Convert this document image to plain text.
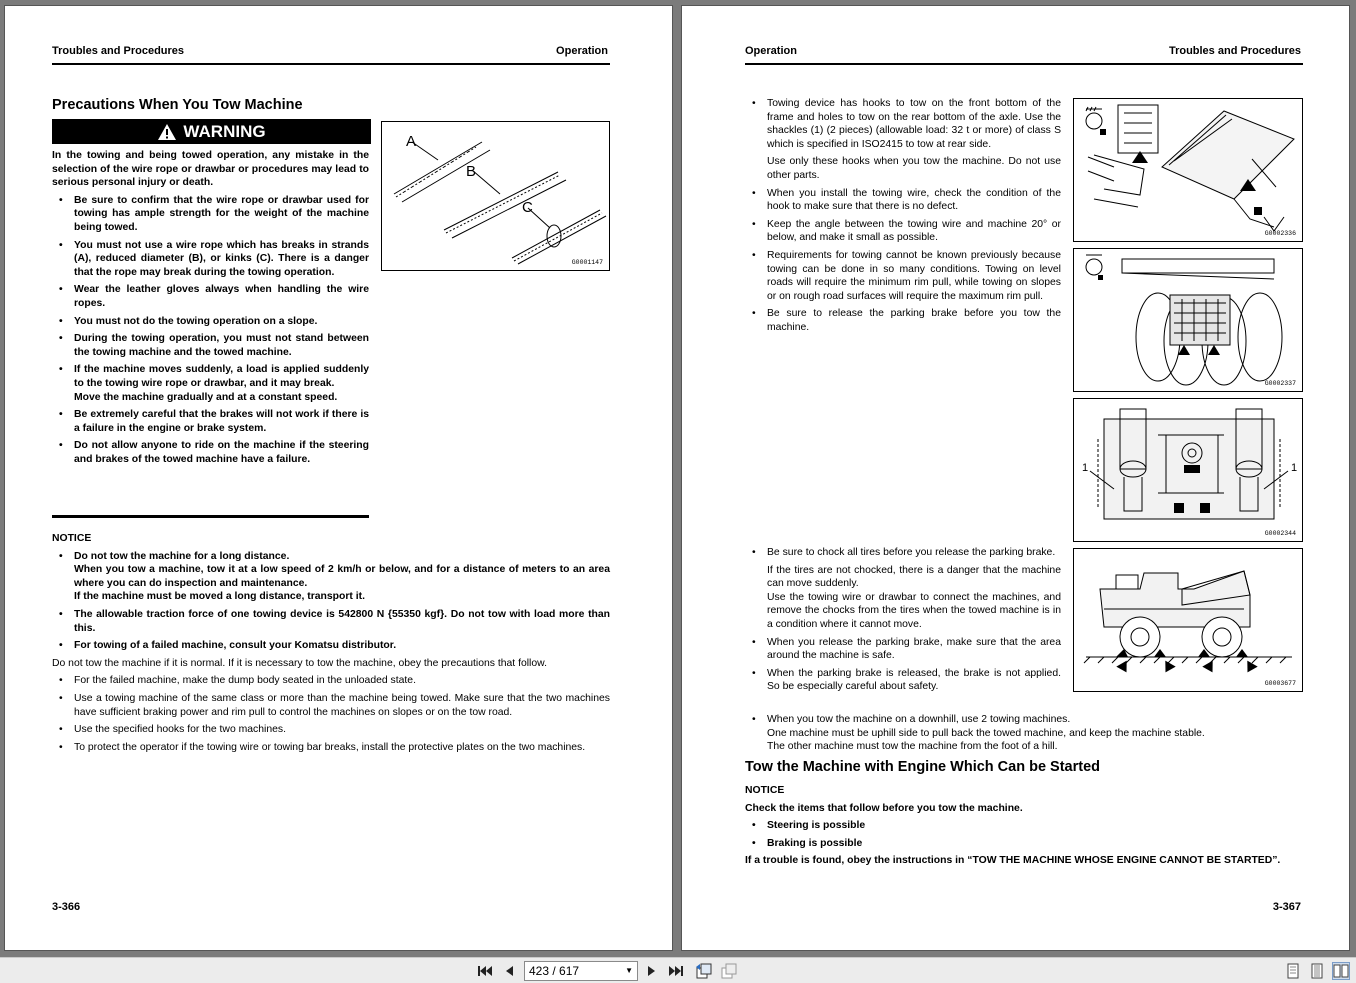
Troubles and Procedures	Operation
Precautions When You Tow Machine
WARNING

In the towing and being towed operation, any mistake in the selection of the wire rope or drawbar or procedures may lead to serious personal injury or death.

• Be sure to confirm that the wire rope or drawbar used for towing has ample strength for the weight of the machine being towed.
• You must not use a wire rope which has breaks in strands (A), reduced diameter (B), or kinks (C). There is a danger that the rope may break during the towing operation.
• Wear the leather gloves always when handling the wire ropes.
• You must not do the towing operation on a slope.
• During the towing operation, you must not stand between the towing machine and the towed machine.
• If the machine moves suddenly, a load is applied suddenly to the towing wire rope or drawbar, and it may break.
Move the machine gradually and at a constant speed.
• Be extremely careful that the brakes will not work if there is a failure in the engine or brake system.
• Do not allow anyone to ride on the machine if the steering and brakes of the towed machine have a failure.
A
B
C
G0001147

NOTICE

• Do not tow the machine for a long distance.
When you tow a machine, tow it at a low speed of 2 km/h or below, and for a distance of meters to an area where you can do inspection and maintenance.
If the machine must be moved a long distance, transport it.
• The allowable traction force of one towing device is 542800 N {55350 kgf}. Do not tow with load more than this.
• For towing of a failed machine, consult your Komatsu distributor.

Do not tow the machine if it is normal. If it is necessary to tow the machine, obey the precautions that follow.

• For the failed machine, make the dump body seated in the unloaded state.
• Use a towing machine of the same class or more than the machine being towed. Make sure that the two machines have sufficient braking power and rim pull to control the machines on slopes or on the tow road.
• Use the specified hooks for the two machines.
• To protect the operator if the towing wire or towing bar breaks, install the protective plates on the two machines.
3-366
Operation	Troubles and Procedures
• Towing device has hooks to tow on the front bottom of the frame and holes to tow on the rear bottom of the axle. Use the shackles (1) (2 pieces) (allowable load: 32 t or more) of class S which is specified in ISO2415 to tow at rear side.
Use only these hooks when you tow the machine. Do not use other parts.
• When you install the towing wire, check the condition of the hook to make sure that there is no defect.
• Keep the angle between the towing wire and machine 20° or below, and make it small as possible.
• Requirements for towing cannot be known previously because towing can be done in so many conditions. Towing on level roads will require the minimum rim pull, while towing on slopes or on rough road surfaces will require the maximum rim pull.
• Be sure to release the parking brake before you tow the machine.
G0002336
G0002337
1	1
G0002344
G0003677
• Be sure to chock all tires before you release the parking brake.
If the tires are not chocked, there is a danger that the machine can move suddenly.
Use the towing wire or drawbar to connect the machines, and remove the chocks from the tires when the towed machine is in a condition where it cannot move.
• When you release the parking brake, make sure that the area around the machine is safe.
• When the parking brake is released, the brake is not applied. So be especially careful about safety.
• When you tow the machine on a downhill, use 2 towing machines.
One machine must be uphill side to pull back the towed machine, and keep the machine stable.
The other machine must tow the machine from the foot of a hill.
Tow the Machine with Engine Which Can be Started

NOTICE

Check the items that follow before you tow the machine.

• Steering is possible
• Braking is possible

If a trouble is found, obey the instructions in “TOW THE MACHINE WHOSE ENGINE CANNOT BE STARTED”.

3-367
423 / 617	▼
